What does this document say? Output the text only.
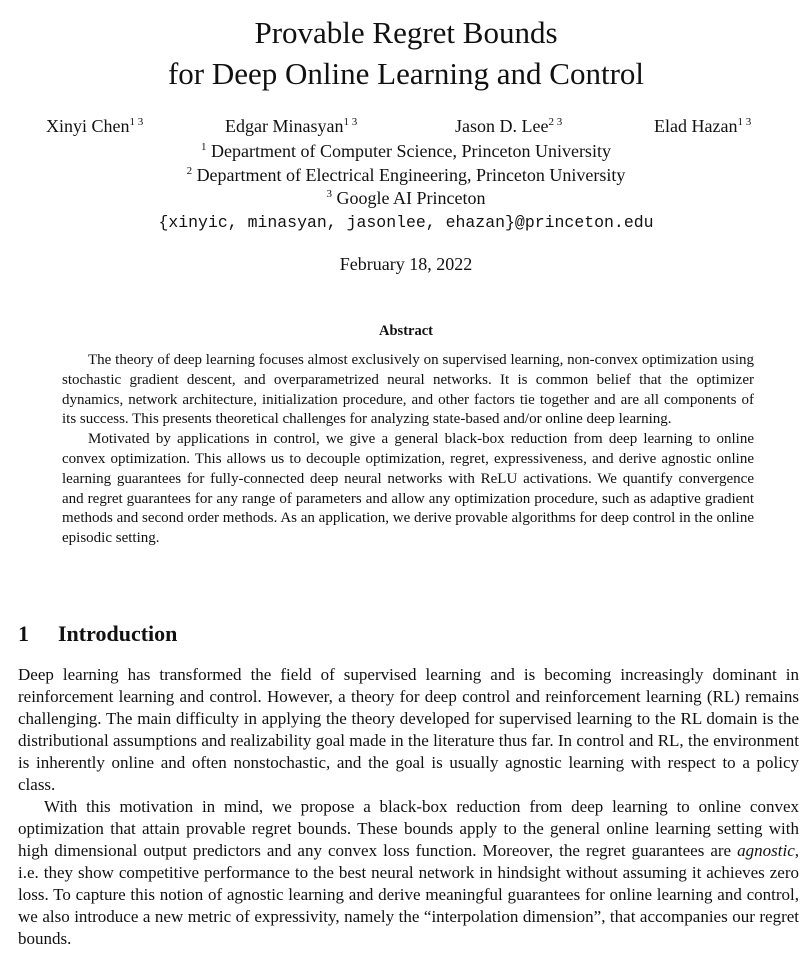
Provable Regret Bounds
for Deep Online Learning and Control
Xinyi Chen$^{1 3}$	Edgar Minasyan$^{1 3}$	Jason D. Lee$^{2 3}$	Elad Hazan$^{1 3}$
$^1$ Department of Computer Science, Princeton University
$^2$ Department of Electrical Engineering, Princeton University
$^3$ Google AI Princeton
{xinyic, minasyan, jasonlee, ehazan}@princeton.edu
February 18, 2022
Abstract

The theory of deep learning focuses almost exclusively on supervised learning, non-convex optimization using stochastic gradient descent, and overparametrized neural networks. It is common belief that the optimizer dynamics, network architecture, initialization procedure, and other factors tie together and are all components of its success. This presents theoretical challenges for analyzing state-based and/or online deep learning.

Motivated by applications in control, we give a general black-box reduction from deep learning to online convex optimization. This allows us to decouple optimization, regret, expressiveness, and derive agnostic online learning guarantees for fully-connected deep neural networks with ReLU activations. We quantify convergence and regret guarantees for any range of parameters and allow any optimization procedure, such as adaptive gradient methods and second order methods. As an application, we derive provable algorithms for deep control in the online episodic setting.

1 Introduction

Deep learning has transformed the field of supervised learning and is becoming increasingly dominant in reinforcement learning and control. However, a theory for deep control and reinforcement learning (RL) remains challenging. The main difficulty in applying the theory developed for supervised learning to the RL domain is the distributional assumptions and realizability goal made in the literature thus far. In control and RL, the environment is inherently online and often nonstochastic, and the goal is usually agnostic learning with respect to a policy class.

With this motivation in mind, we propose a black-box reduction from deep learning to online convex optimization that attain provable regret bounds. These bounds apply to the general online learning setting with high dimensional output predictors and any convex loss function. Moreover, the regret guarantees are agnostic, i.e. they show competitive performance to the best neural network in hindsight without assuming it achieves zero loss. To capture this notion of agnostic learning and derive meaningful guarantees for online learning and control, we also introduce a new metric of expressivity, namely the “interpolation dimension”, that accompanies our regret bounds.
